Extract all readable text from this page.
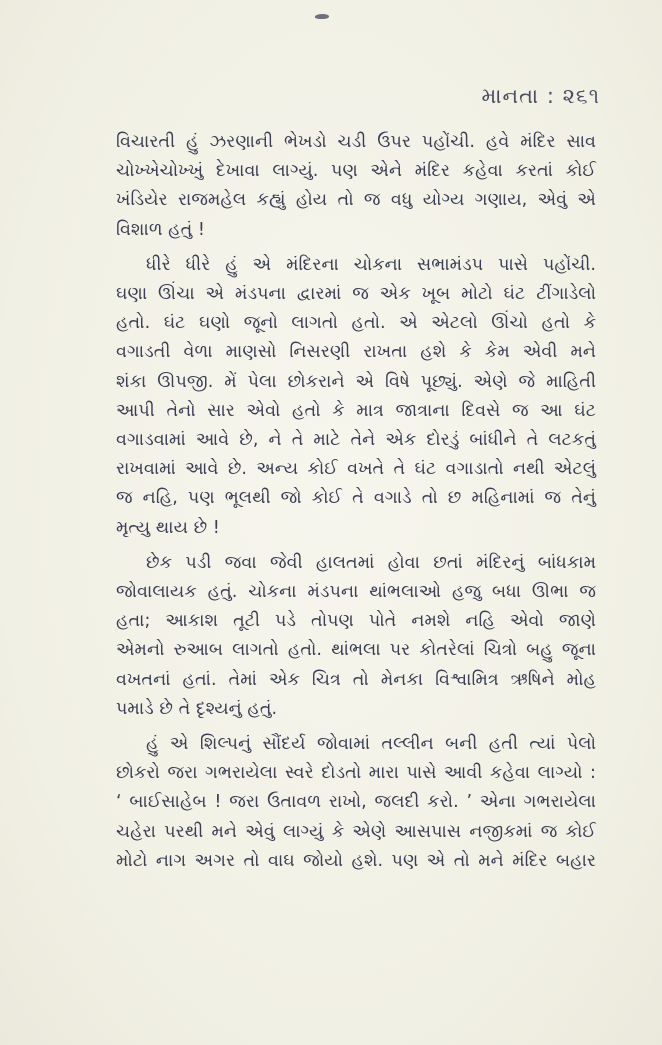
માનતા : ૨૬૧
વિચારતી હું ઝરણાની ભેખડો ચડી ઉપર પહોંચી. હવે મંદિર સાવ
ચોખ્ખેચોખ્ખું દેખાવા લાગ્યું. પણ એને મંદિર કહેવા કરતાં કોઈ
ખંડિયેર રાજમહેલ કહ્યું હોય તો જ વધુ યોગ્ય ગણાય, એવું એ
વિશાળ હતું !
ધીરે ધીરે હું એ મંદિરના ચોકના સભામંડપ પાસે પહોંચી.
ઘણા ઊંચા એ મંડપના દ્વારમાં જ એક ખૂબ મોટો ઘંટ ટીંગાડેલો
હતો. ઘંટ ઘણો જૂનો લાગતો હતો. એ એટલો ઊંચો હતો કે
વગાડતી વેળા માણસો નિસરણી રાખતા હશે કે કેમ એવી મને
શંકા ઊપજી. મેં પેલા છોકરાને એ વિષે પૂછ્યું. એણે જે માહિતી
આપી તેનો સાર એવો હતો કે માત્ર જાત્રાના દિવસે જ આ ઘંટ
વગાડવામાં આવે છે, ને તે માટે તેને એક દોરડું બાંધીને તે લટકતું
રાખવામાં આવે છે. અન્ય કોઈ વખતે તે ઘંટ વગાડાતો નથી એટલું
જ નહિ, પણ ભૂલથી જો કોઈ તે વગાડે તો છ મહિનામાં જ તેનું
મૃત્યુ થાય છે !
છેક પડી જવા જેવી હાલતમાં હોવા છતાં મંદિરનું બાંધકામ
જોવાલાયક હતું. ચોકના મંડપના થાંભલાઓ હજુ બધા ઊભા જ
હતા; આકાશ તૂટી પડે તોપણ પોતે નમશે નહિ એવો જાણે
એમનો રુઆબ લાગતો હતો. થાંભલા પર કોતરેલાં ચિત્રો બહુ જૂના
વખતનાં હતાં. તેમાં એક ચિત્ર તો મેનકા વિશ્વામિત્ર ઋષિને મોહ
પમાડે છે તે દૃશ્યનું હતું.
હું એ શિલ્પનું સૌંદર્ય જોવામાં તલ્લીન બની હતી ત્યાં પેલો
છોકરો જરા ગભરાયેલા સ્વરે દોડતો મારા પાસે આવી કહેવા લાગ્યો :
‘ બાઈસાહેબ ! જરા ઉતાવળ રાખો, જલદી કરો. ’ એના ગભરાયેલા
ચહેરા પરથી મને એવું લાગ્યું કે એણે આસપાસ નજીકમાં જ કોઈ
મોટો નાગ અગર તો વાઘ જોયો હશે. પણ એ તો મને મંદિર બહાર
